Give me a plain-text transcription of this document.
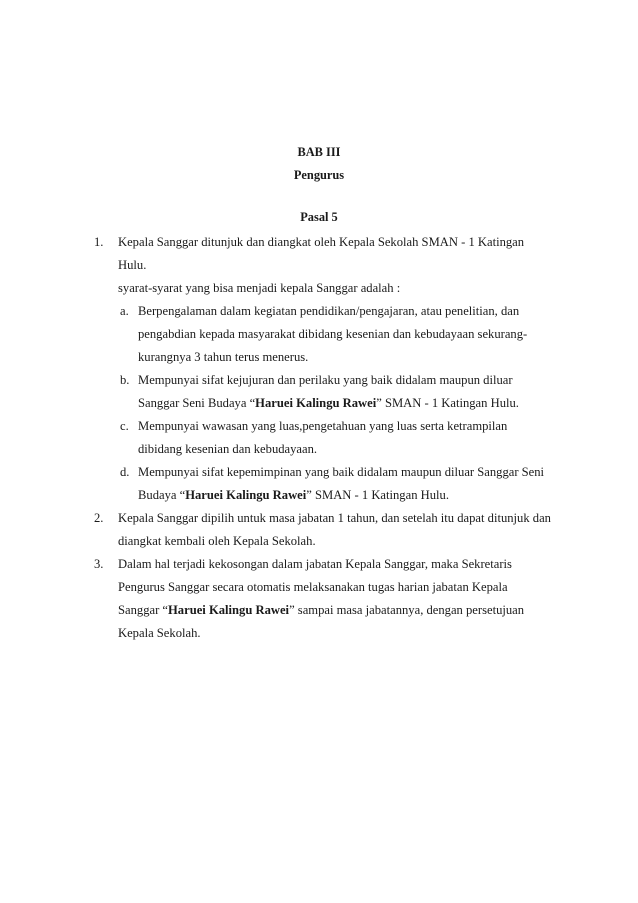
BAB III
Pengurus
Pasal 5
1. Kepala Sanggar ditunjuk dan diangkat oleh Kepala Sekolah SMAN - 1 Katingan
Hulu.
syarat-syarat yang bisa menjadi kepala Sanggar adalah :
a. Berpengalaman dalam kegiatan pendidikan/pengajaran, atau penelitian, dan
pengabdian kepada masyarakat dibidang kesenian dan kebudayaan sekurang-
kurangnya 3 tahun terus menerus.
b. Mempunyai sifat kejujuran dan perilaku yang baik didalam maupun diluar
Sanggar Seni Budaya “Haruei Kalingu Rawei” SMAN - 1 Katingan Hulu.
c. Mempunyai wawasan yang luas,pengetahuan yang luas serta ketrampilan
dibidang kesenian dan kebudayaan.
d. Mempunyai sifat kepemimpinan yang baik didalam maupun diluar Sanggar Seni
Budaya “Haruei Kalingu Rawei” SMAN - 1 Katingan Hulu.
2. Kepala Sanggar dipilih untuk masa jabatan 1 tahun, dan setelah itu dapat ditunjuk dan
diangkat kembali oleh Kepala Sekolah.
3. Dalam hal terjadi kekosongan dalam jabatan Kepala Sanggar, maka Sekretaris
Pengurus Sanggar secara otomatis melaksanakan tugas harian jabatan Kepala
Sanggar “Haruei Kalingu Rawei” sampai masa jabatannya, dengan persetujuan
Kepala Sekolah.
